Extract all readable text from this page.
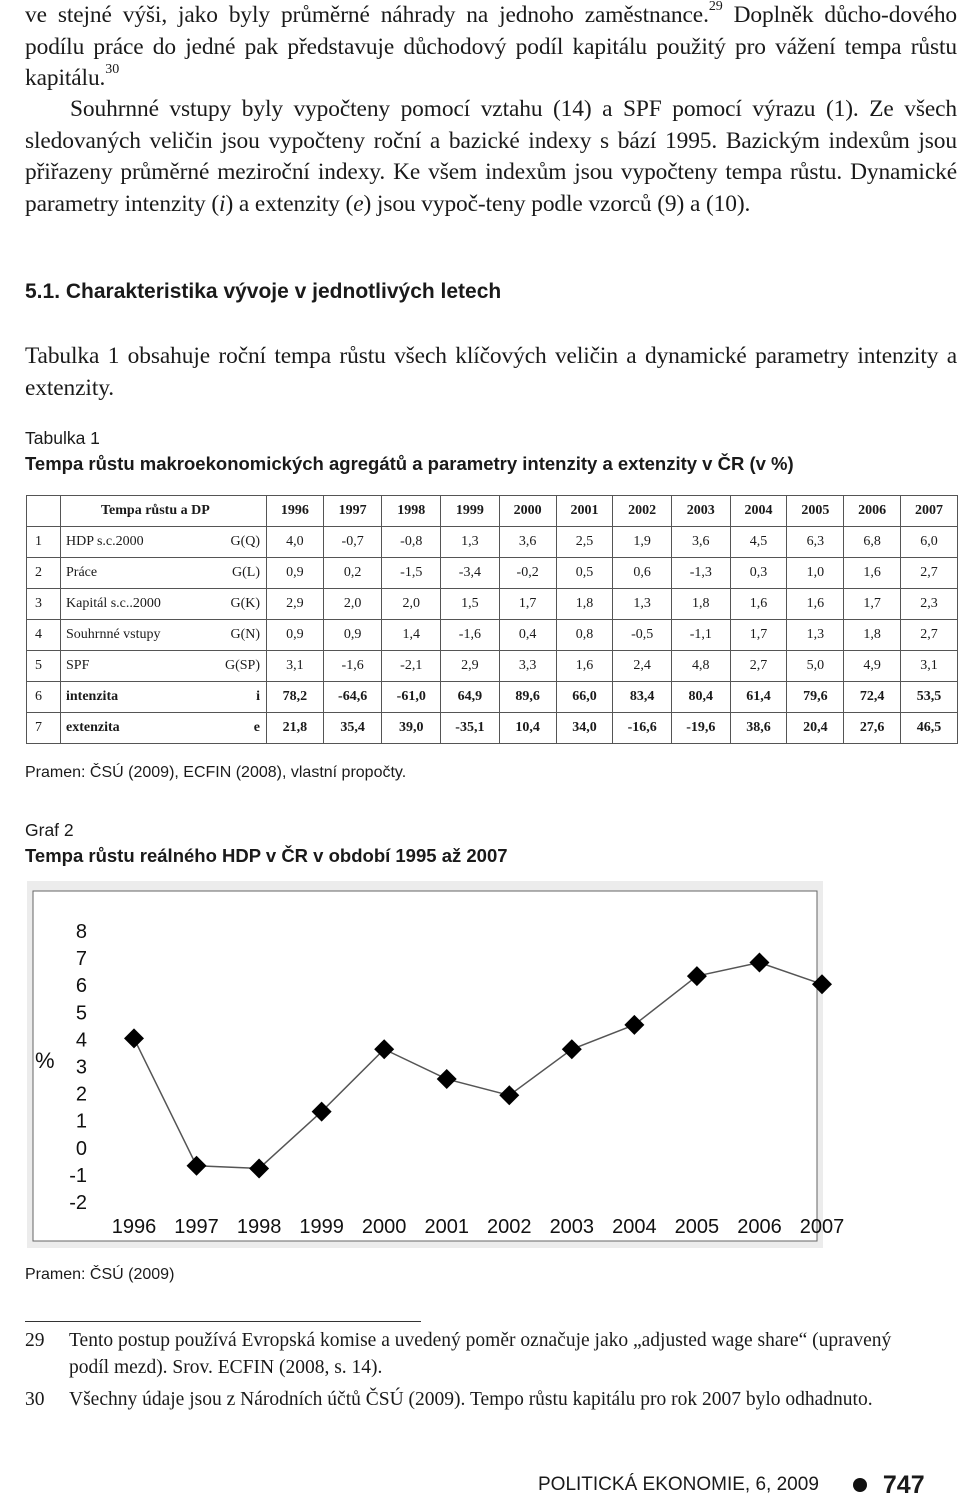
ve stejné výši, jako byly průměrné náhrady na jednoho zaměstnance.$^{29}$ Doplněk důcho-dového podílu práce do jedné pak představuje důchodový podíl kapitálu použitý pro vážení tempa růstu kapitálu.$^{30}$

Souhrnné vstupy byly vypočteny pomocí vztahu (14) a SPF pomocí výrazu (1). Ze všech sledovaných veličin jsou vypočteny roční a bazické indexy s bází 1995. Bazickým indexům jsou přiřazeny průměrné meziroční indexy. Ke všem indexům jsou vypočteny tempa růstu. Dynamické parametry intenzity (i) a extenzity (e) jsou vypoč-teny podle vzorců (9) a (10).

5.1. Charakteristika vývoje v jednotlivých letech

Tabulka 1 obsahuje roční tempa růstu všech klíčových veličin a dynamické parametry intenzity a extenzity.

Tabulka 1
Tempa růstu makroekonomických agregátů a parametry intenzity a extenzity v ČR (v %)
	Tempa růstu a DP		1996	1997	1998	1999	2000	2001	2002	2003	2004	2005	2006	2007
1	HDP s.c.2000	G(Q)	4,0	-0,7	-0,8	1,3	3,6	2,5	1,9	3,6	4,5	6,3	6,8	6,0
2	Práce	G(L)	0,9	0,2	-1,5	-3,4	-0,2	0,5	0,6	-1,3	0,3	1,0	1,6	2,7
3	Kapitál s.c..2000	G(K)	2,9	2,0	2,0	1,5	1,7	1,8	1,3	1,8	1,6	1,6	1,7	2,3
4	Souhrnné vstupy	G(N)	0,9	0,9	1,4	-1,6	0,4	0,8	-0,5	-1,1	1,7	1,3	1,8	2,7
5	SPF	G(SP)	3,1	-1,6	-2,1	2,9	3,3	1,6	2,4	4,8	2,7	5,0	4,9	3,1
6	intenzita	i	78,2	-64,6	-61,0	64,9	89,6	66,0	83,4	80,4	61,4	79,6	72,4	53,5
7	extenzita	e	21,8	35,4	39,0	-35,1	10,4	34,0	-16,6	-19,6	38,6	20,4	27,6	46,5
Pramen: ČSÚ (2009), ECFIN (2008), vlastní propočty.
Graf 2
Tempa růstu reálného HDP v ČR v období 1995 až 2007
8
7
6
5
4
3
2
1
0
-1
-2
%
1996 1997 1998 1999 2000 2001 2002 2003 2004 2005 2006 2007
Pramen: ČSÚ (2009)
29 Tento postup používá Evropská komise a uvedený poměr označuje jako „adjusted wage share“ (upravený podíl mezd). Srov. ECFIN (2008, s. 14).
30 Všechny údaje jsou z Národních účtů ČSÚ (2009). Tempo růstu kapitálu pro rok 2007 bylo odhadnuto.
POLITICKÁ EKONOMIE, 6, 2009	747
